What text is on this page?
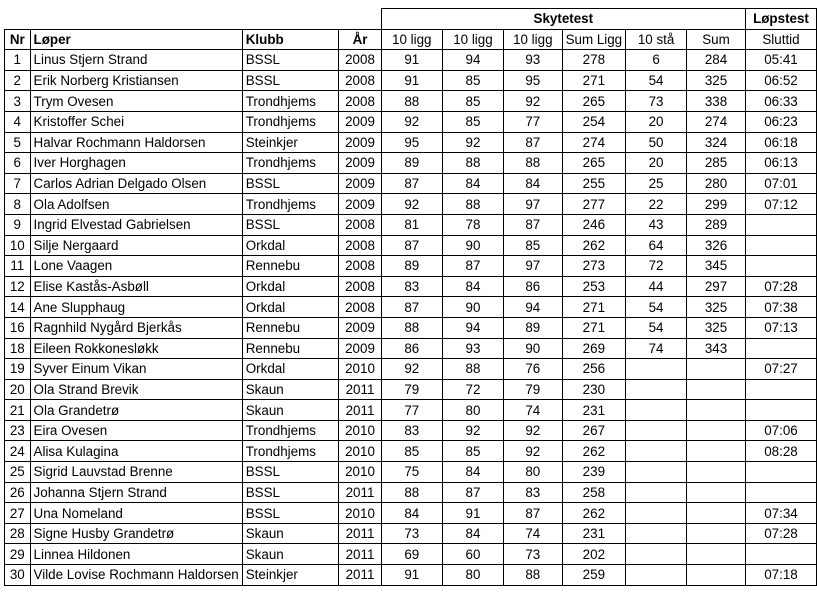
				Skytetest						Løpstest
Nr	Løper	Klubb	År	10 ligg	10 ligg	10 ligg	Sum Ligg	10 stå	Sum	Sluttid
1	Linus Stjern Strand	BSSL	2008	91	94	93	278	6	284	05:41
2	Erik Norberg Kristiansen	BSSL	2008	91	85	95	271	54	325	06:52
3	Trym Ovesen	Trondhjems	2008	88	85	92	265	73	338	06:33
4	Kristoffer Schei	Trondhjems	2009	92	85	77	254	20	274	06:23
5	Halvar Rochmann Haldorsen	Steinkjer	2009	95	92	87	274	50	324	06:18
6	Iver Horghagen	Trondhjems	2009	89	88	88	265	20	285	06:13
7	Carlos Adrian Delgado Olsen	BSSL	2009	87	84	84	255	25	280	07:01
8	Ola Adolfsen	Trondhjems	2009	92	88	97	277	22	299	07:12
9	Ingrid Elvestad Gabrielsen	BSSL	2008	81	78	87	246	43	289	
10	Silje Nergaard	Orkdal	2008	87	90	85	262	64	326	
11	Lone Vaagen	Rennebu	2008	89	87	97	273	72	345	
12	Elise Kastås-Asbøll	Orkdal	2008	83	84	86	253	44	297	07:28
14	Ane Slupphaug	Orkdal	2008	87	90	94	271	54	325	07:38
16	Ragnhild Nygård Bjerkås	Rennebu	2009	88	94	89	271	54	325	07:13
18	Eileen Rokkonesløkk	Rennebu	2009	86	93	90	269	74	343	
19	Syver Einum Vikan	Orkdal	2010	92	88	76	256			07:27
20	Ola Strand Brevik	Skaun	2011	79	72	79	230			
21	Ola Grandetrø	Skaun	2011	77	80	74	231			
23	Eira Ovesen	Trondhjems	2010	83	92	92	267			07:06
24	Alisa Kulagina	Trondhjems	2010	85	85	92	262			08:28
25	Sigrid Lauvstad Brenne	BSSL	2010	75	84	80	239			
26	Johanna Stjern Strand	BSSL	2011	88	87	83	258			
27	Una Nomeland	BSSL	2010	84	91	87	262			07:34
28	Signe Husby Grandetrø	Skaun	2011	73	84	74	231			07:28
29	Linnea Hildonen	Skaun	2011	69	60	73	202			
30	Vilde Lovise Rochmann Haldorsen	Steinkjer	2011	91	80	88	259			07:18
